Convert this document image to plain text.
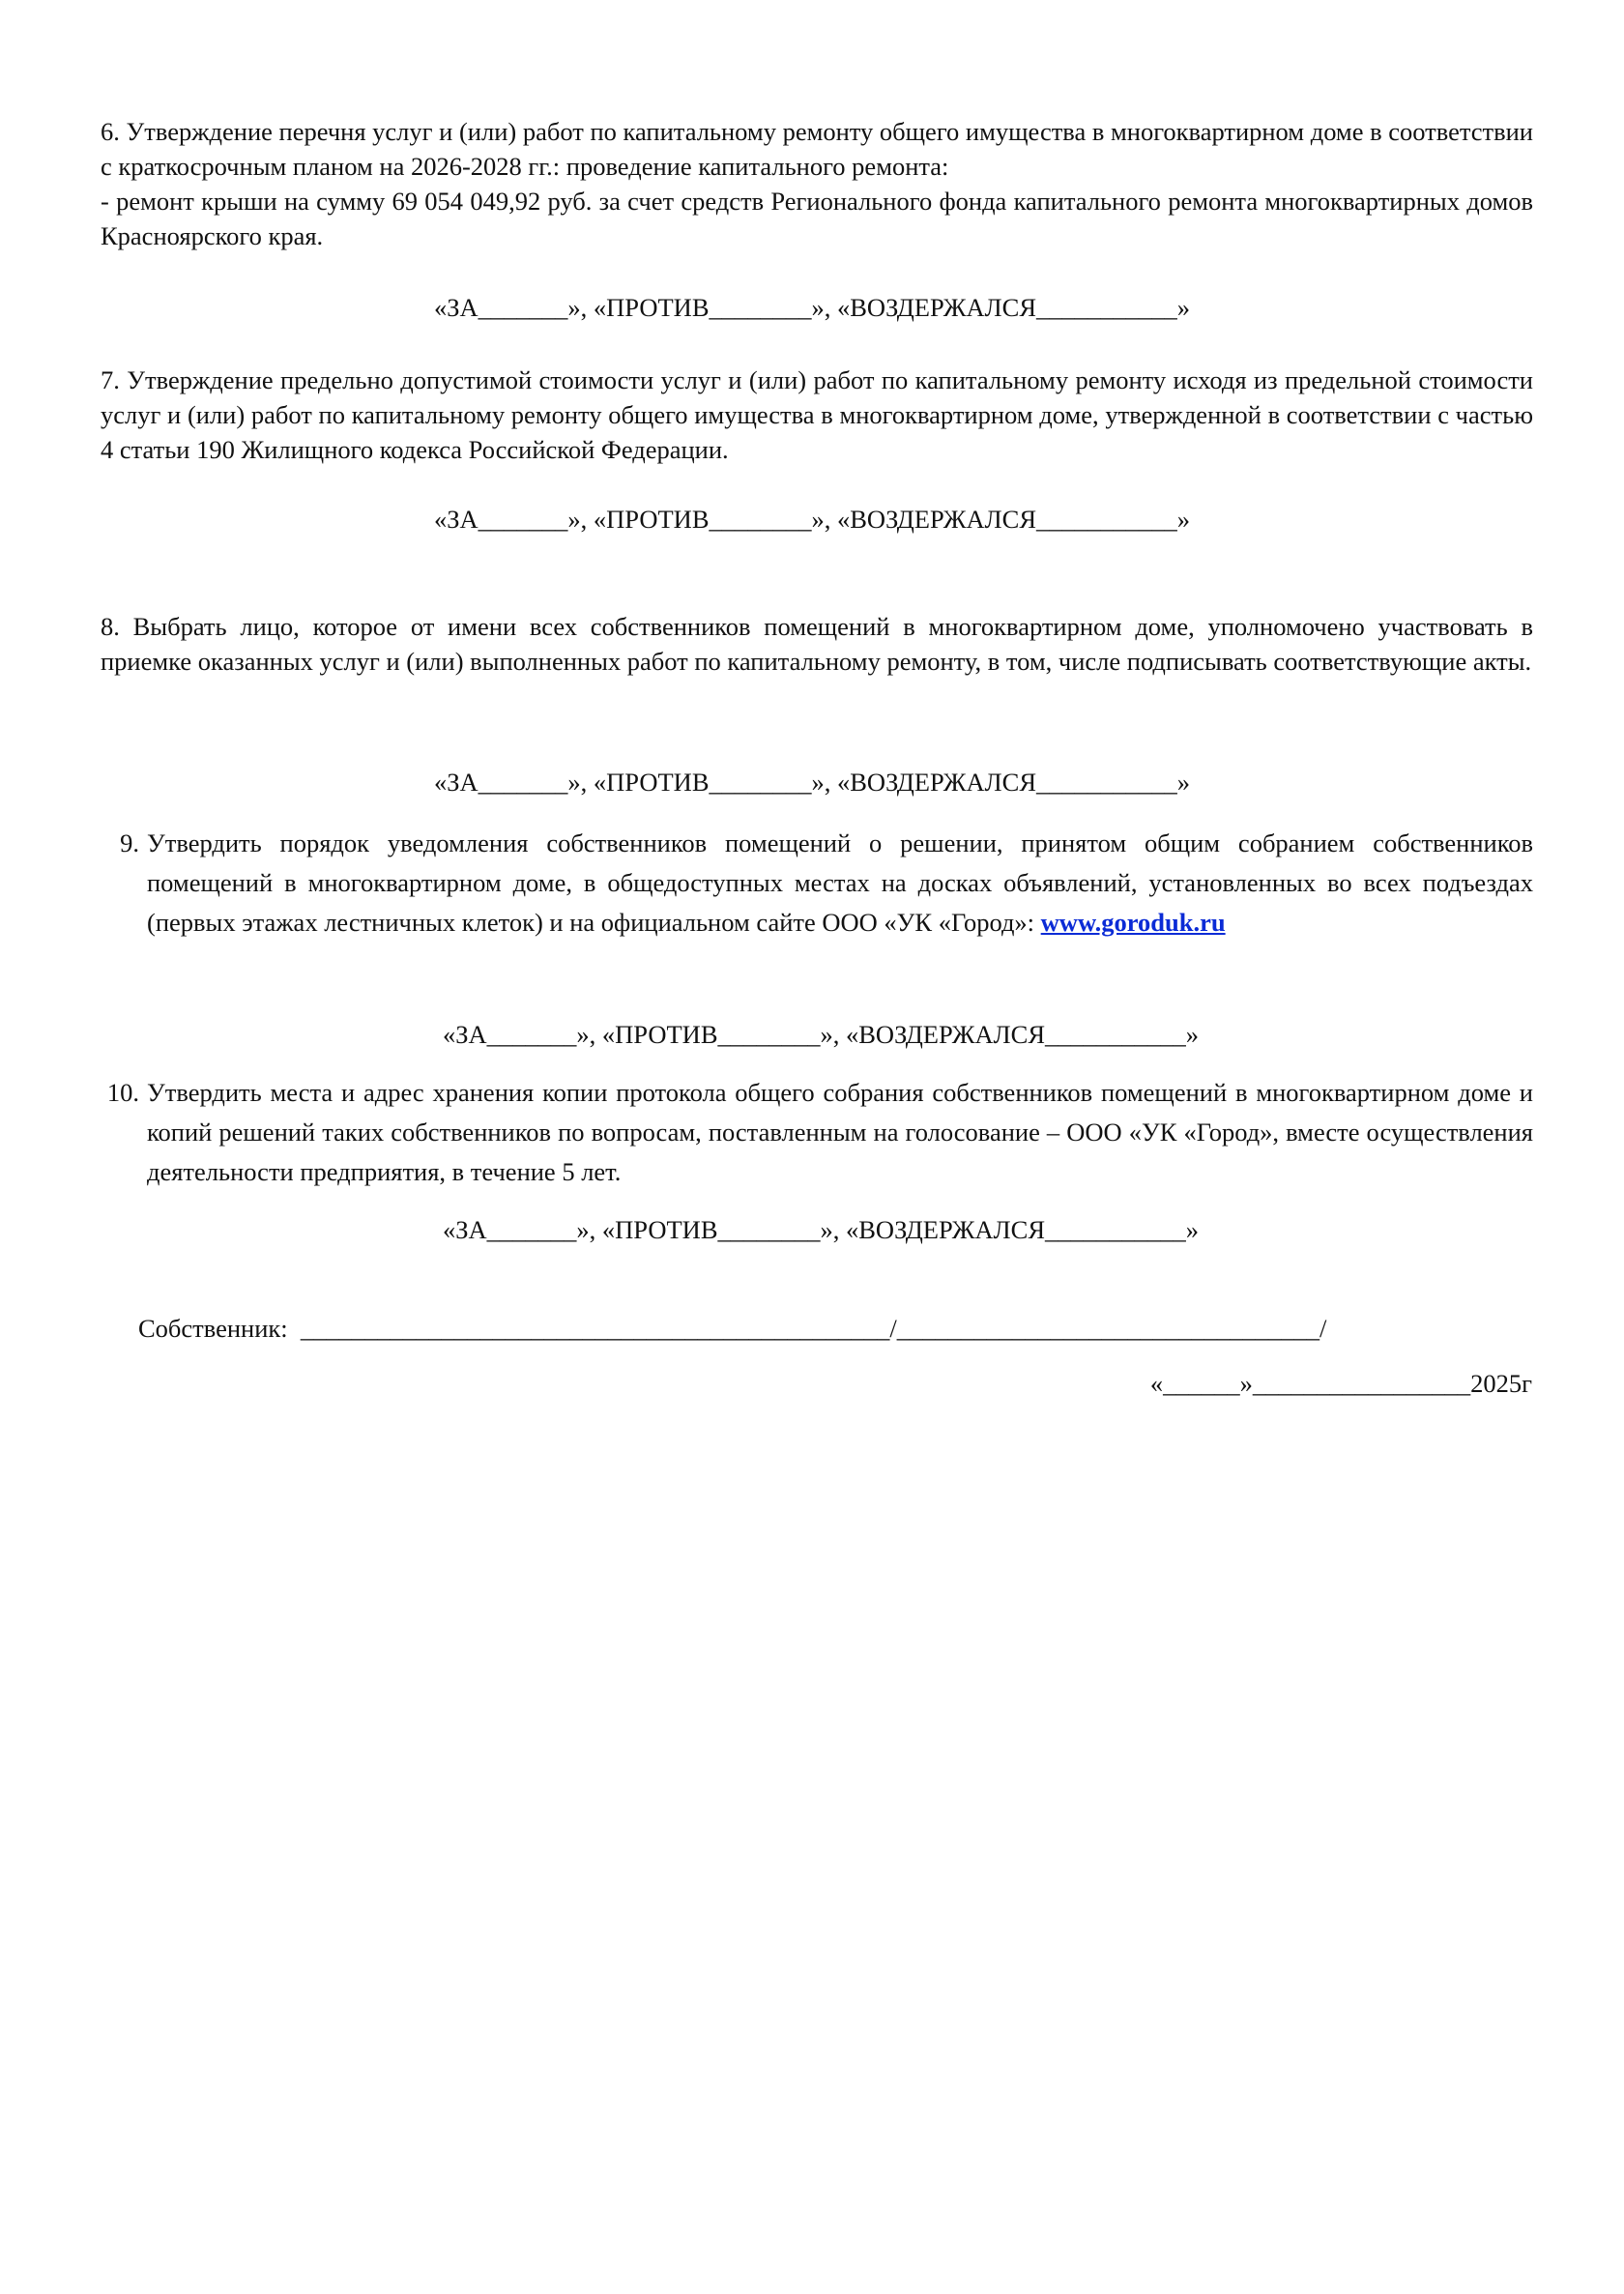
6. Утверждение перечня услуг и (или) работ по капитальному ремонту общего имущества в многоквартирном доме в соответствии с краткосрочным планом на 2026-2028 гг.: проведение капитального ремонта:

- ремонт крыши на сумму 69 054 049,92 руб. за счет средств Регионального фонда капитального ремонта многоквартирных домов Красноярского края.

«ЗА_______», «ПРОТИВ________», «ВОЗДЕРЖАЛСЯ___________»

7. Утверждение предельно допустимой стоимости услуг и (или) работ по капитальному ремонту исходя из предельной стоимости услуг и (или) работ по капитальному ремонту общего имущества в многоквартирном доме, утвержденной в соответствии с частью 4 статьи 190 Жилищного кодекса Российской Федерации.

«ЗА_______», «ПРОТИВ________», «ВОЗДЕРЖАЛСЯ___________»

8. Выбрать лицо, которое от имени всех собственников помещений в многоквартирном доме, уполномочено участвовать в приемке оказанных услуг и (или) выполненных работ по капитальному ремонту, в том, числе подписывать соответствующие акты.

«ЗА_______», «ПРОТИВ________», «ВОЗДЕРЖАЛСЯ___________»
9. Утвердить порядок уведомления собственников помещений о решении, принятом общим собранием собственников помещений в многоквартирном доме, в общедоступных местах на досках объявлений, установленных во всех подъездах (первых этажах лестничных клеток) и на официальном сайте ООО «УК «Город»: www.goroduk.ru
«ЗА_______», «ПРОТИВ________», «ВОЗДЕРЖАЛСЯ___________»
10. Утвердить места и адрес хранения копии протокола общего собрания собственников помещений в многоквартирном доме и копий решений таких собственников по вопросам, поставленным на голосование – ООО «УК «Город», вместе осуществления деятельности предприятия, в течение 5 лет.
«ЗА_______», «ПРОТИВ________», «ВОЗДЕРЖАЛСЯ___________»
Собственник:  ______________________________________________/_________________________________/
«______»_________________2025г
